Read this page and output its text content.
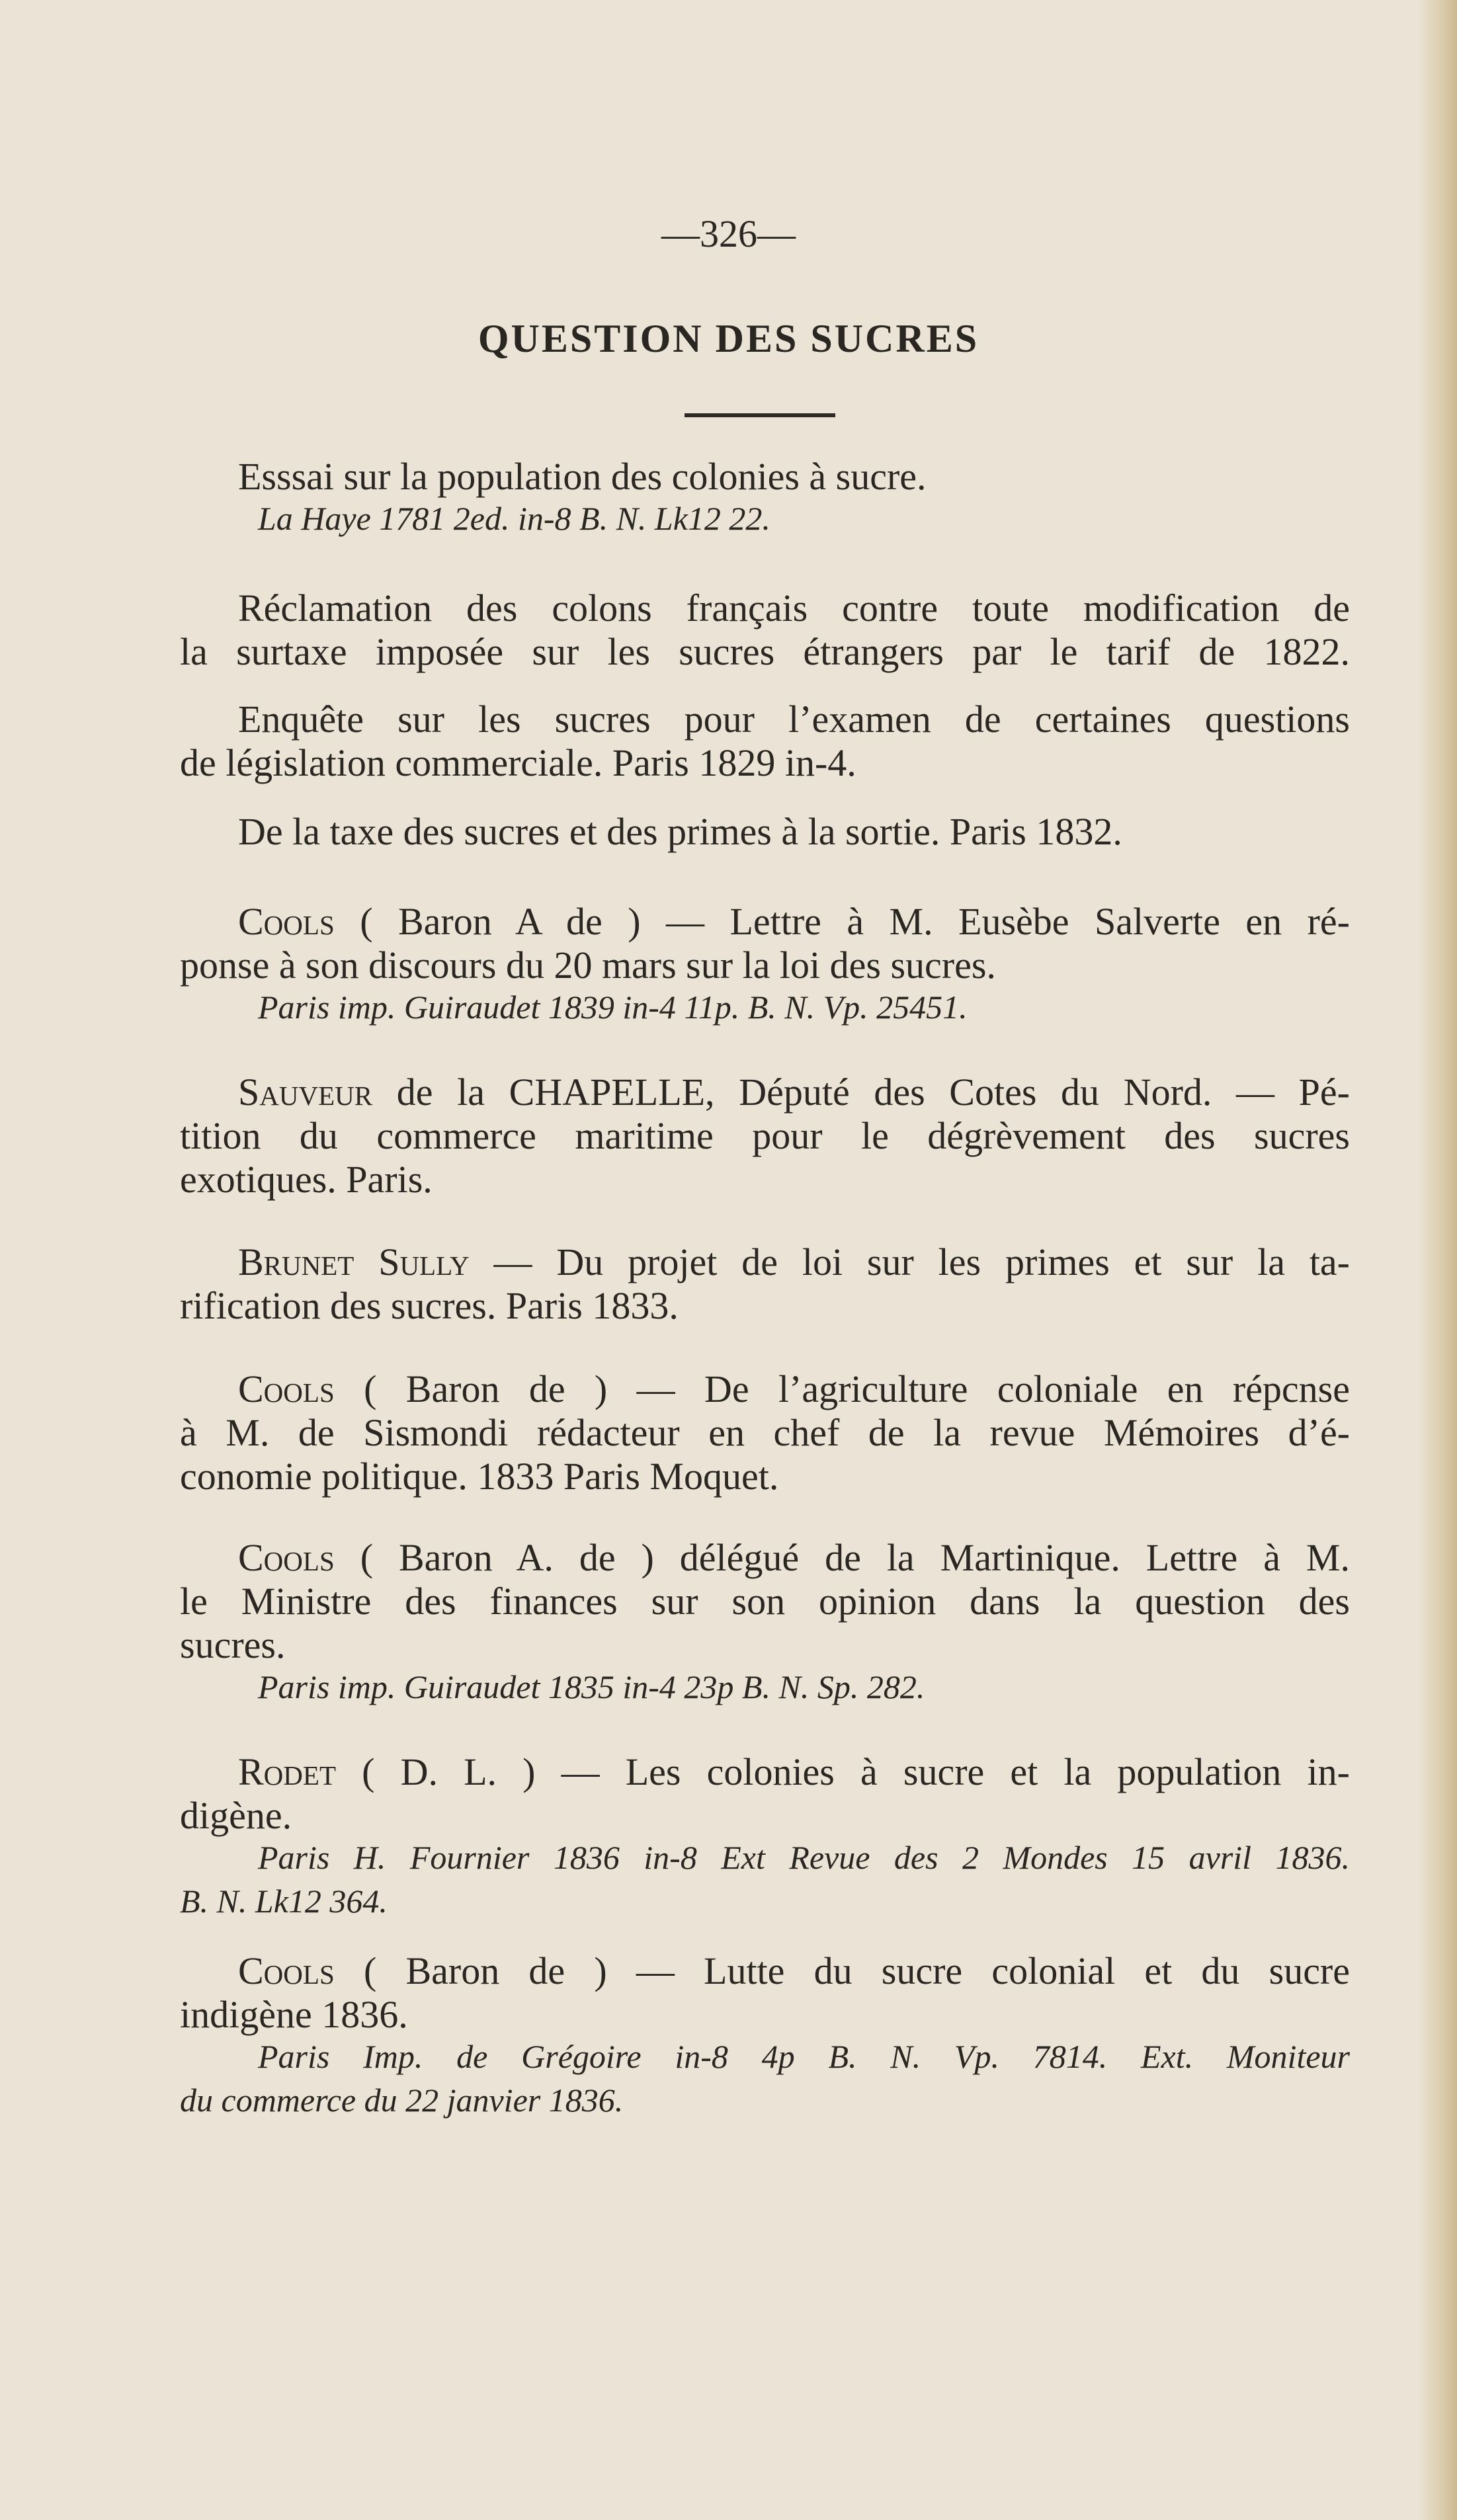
—326—
QUESTION DES SUCRES
Esssai sur la population des colonies à sucre.
La Haye 1781 2ed. in-8 B. N. Lk12 22.
Réclamation des colons français contre toute modification de
la surtaxe imposée sur les sucres étrangers par le tarif de 1822.
Enquête sur les sucres pour l’examen de certaines questions
de législation commerciale. Paris 1829 in-4.
De la taxe des sucres et des primes à la sortie. Paris 1832.
Cools ( Baron A de ) — Lettre à M. Eusèbe Salverte en ré-
ponse à son discours du 20 mars sur la loi des sucres.
Paris imp. Guiraudet 1839 in-4 11p. B. N. Vp. 25451.
Sauveur de la CHAPELLE, Député des Cotes du Nord. — Pé-
tition du commerce maritime pour le dégrèvement des sucres
exotiques. Paris.
Brunet Sully — Du projet de loi sur les primes et sur la ta-
rification des sucres. Paris 1833.
Cools ( Baron de ) — De l’agriculture coloniale en répcnse
à M. de Sismondi rédacteur en chef de la revue Mémoires d’é-
conomie politique. 1833 Paris Moquet.
Cools ( Baron A. de ) délégué de la Martinique. Lettre à M.
le Ministre des finances sur son opinion dans la question des
sucres.
Paris imp. Guiraudet 1835 in-4 23p B. N. Sp. 282.
Rodet ( D. L. ) — Les colonies à sucre et la population in-
digène.
Paris H. Fournier 1836 in-8 Ext Revue des 2 Mondes 15 avril 1836.
B. N. Lk12 364.
Cools ( Baron de ) — Lutte du sucre colonial et du sucre
indigène 1836.
Paris Imp. de Grégoire in-8 4p B. N. Vp. 7814. Ext. Moniteur
du commerce du 22 janvier 1836.
